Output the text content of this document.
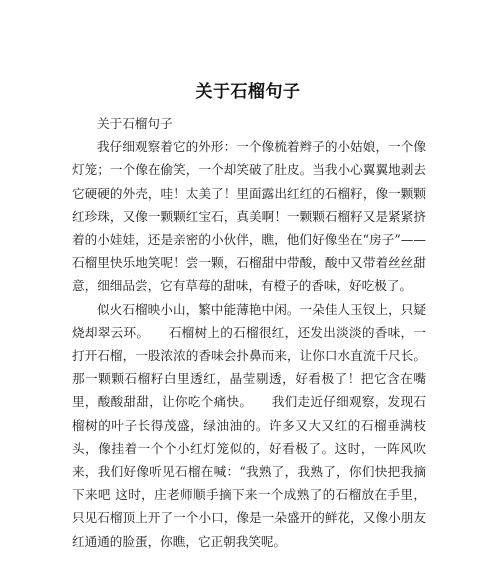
关于石榴句子

关于石榴句子

我仔细观察着它的外形：一个像梳着辫子的小姑娘，一个像灯笼；一个像在偷笑，一个却笑破了肚皮。当我小心翼翼地剥去它硬硬的外壳，哇！太美了！里面露出红红的石榴籽，像一颗颗红珍珠，又像一颗颗红宝石，真美啊！一颗颗石榴籽又是紧紧挤着的小娃娃，还是亲密的小伙伴，瞧，他们好像坐在“房子”——石榴里快乐地笑呢！尝一颗，石榴甜中带酸，酸中又带着丝丝甜意，细细品尝，它有草莓的甜味，有橙子的香味，好吃极了。

似火石榴映小山，繁中能薄艳中闲。一朵佳人玉钗上，只疑烧却翠云环。　　石榴树上的石榴很红，还发出淡淡的香味，一打开石榴，一股浓浓的香味会扑鼻而来，让你口水直流千尺长。那一颗颗石榴籽白里透红，晶莹剔透，好看极了！把它含在嘴里，酸酸甜甜，让你吃个痛快。　　我们走近仔细观察，发现石榴树的叶子长得茂盛，绿油油的。许多又大又红的石榴垂满枝头，像挂着一个个小红灯笼似的，好看极了。这时，一阵风吹来，我们好像听见石榴在喊：“我熟了，我熟了，你们快把我摘下来吧 这时，庄老师顺手摘下来一个成熟了的石榴放在手里，只见石榴顶上开了一个小口，像是一朵盛开的鲜花，又像小朋友红通通的脸蛋，你瞧，它正朝我笑呢。
